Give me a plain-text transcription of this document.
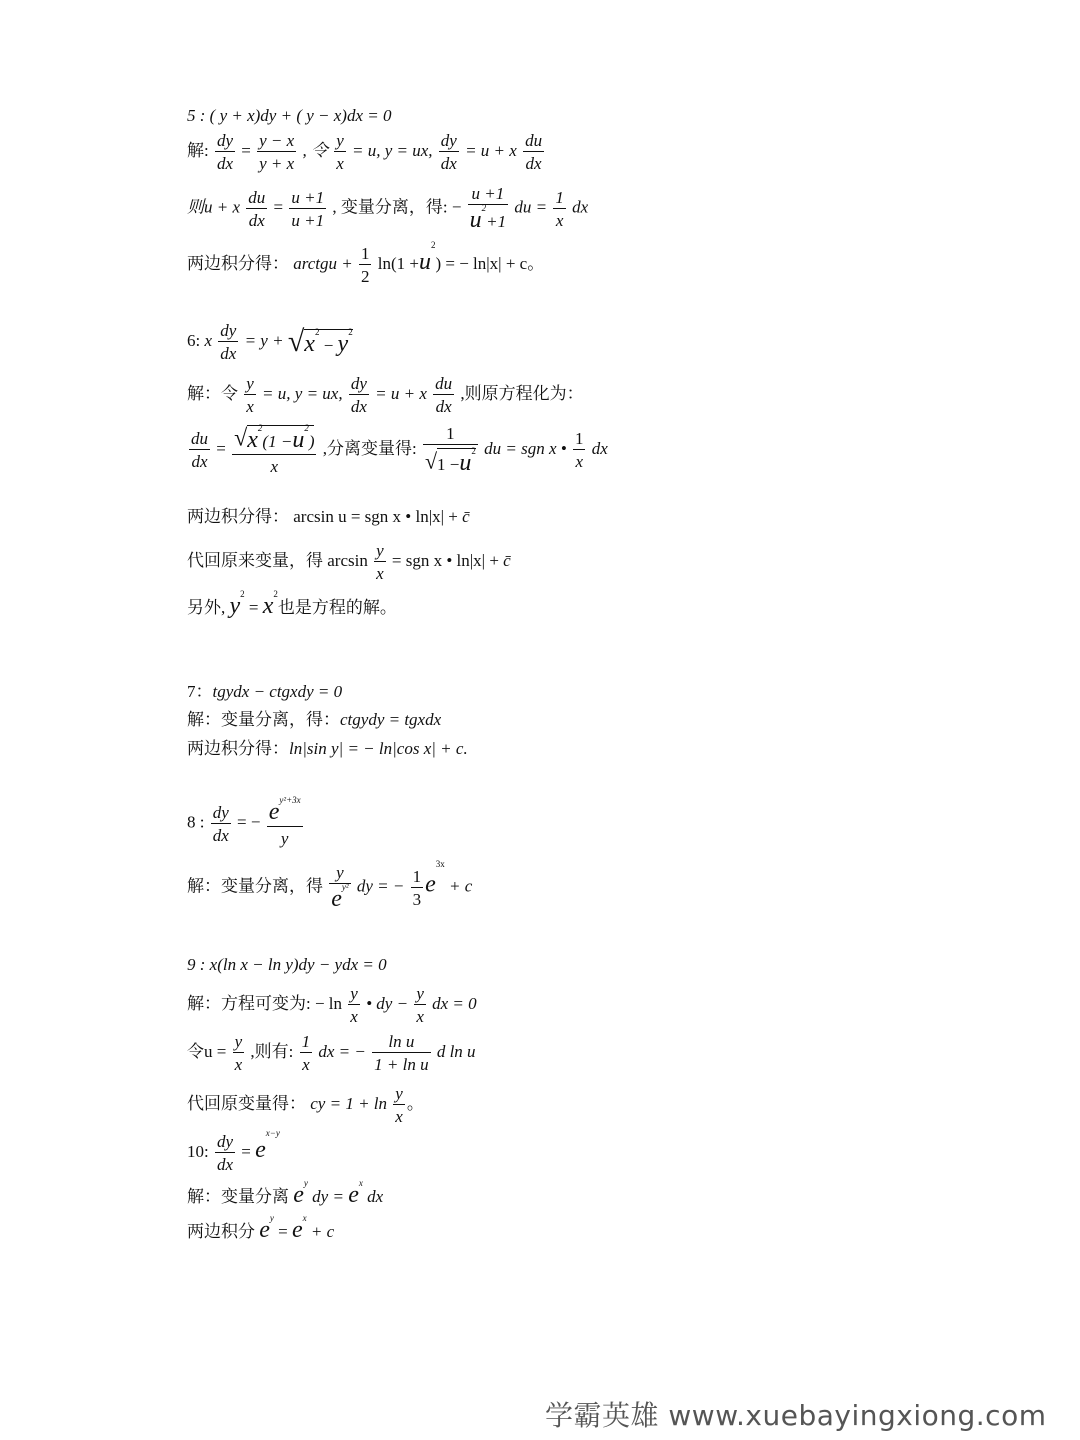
5 : ( y + x)dy + ( y − x)dx = 0
解: $\frac{dy}{dx} = \frac{y - x}{y + x}$ , 令 $\frac{y}{x} = u$, y = ux, $\frac{dy}{dx} = u + x \frac{du}{dx}$
则u + x $\frac{du}{dx} = \frac{u +1}{u +1}$ , 变量分离，得: − $\frac{u +1}{u^2+1}$ du = $\frac{1}{x}$ dx
两边积分得： arctgu + $\frac{1}{2} \ln(1 +u^2)$ = − ln|x| + c。
6: x $\frac{dy}{dx} = y + √x^2 - y^2$
解：令 $\frac{y}{x} = u$, y = ux, $\frac{dy}{dx} = u + x \frac{du}{dx}$ ,则原方程化为：
$\frac{du}{dx} = \frac{√x^2(1 -u^2)}{x}$ ,分离变量得: $\frac{1}{√1 -u^2}$ du = sgn x • $\frac{1}{x}$ dx
两边积分得： arcsin u = sgn x • ln|x| + c̄
代回原来变量，得 $\arcsin \frac{y}{x}$ = sgn x • ln|x| + c̄
另外, $y^2 = x^2$也是方程的解。
7：tgydx − ctgxdy = 0
解：变量分离，得：ctgydy = tgxdx
两边积分得：ln|sin y| = − ln|cos x| + c.
8 : $\frac{dy}{dx}$ = − $\frac{e^{y^2+3x}}{y}$
解：变量分离，得 $\frac{y}{e^{y^2}}$ dy = − $\frac{1}{3} e^{3x} + c$
9 : x(ln x − ln y)dy − ydx = 0
解：方程可变为: − $\ln \frac{y}{x}$ • dy − $\frac{y}{x}$ dx = 0
令$u = \frac{y}{x}$ ,则有: $\frac{1}{x}$ dx = − $\frac{\text{ln u}}{\text{1 + ln u}}$ d ln u
代回原变量得： cy = $1 + \ln \frac{y}{x}$ 。
10: $\frac{dy}{dx} = e^{x-y}$
解：变量分离 $e^y$ dy = $e^x$ dx
两边积分 $e^y = e^x + c$
学霸英雄 www.xuebayingxiong.com
